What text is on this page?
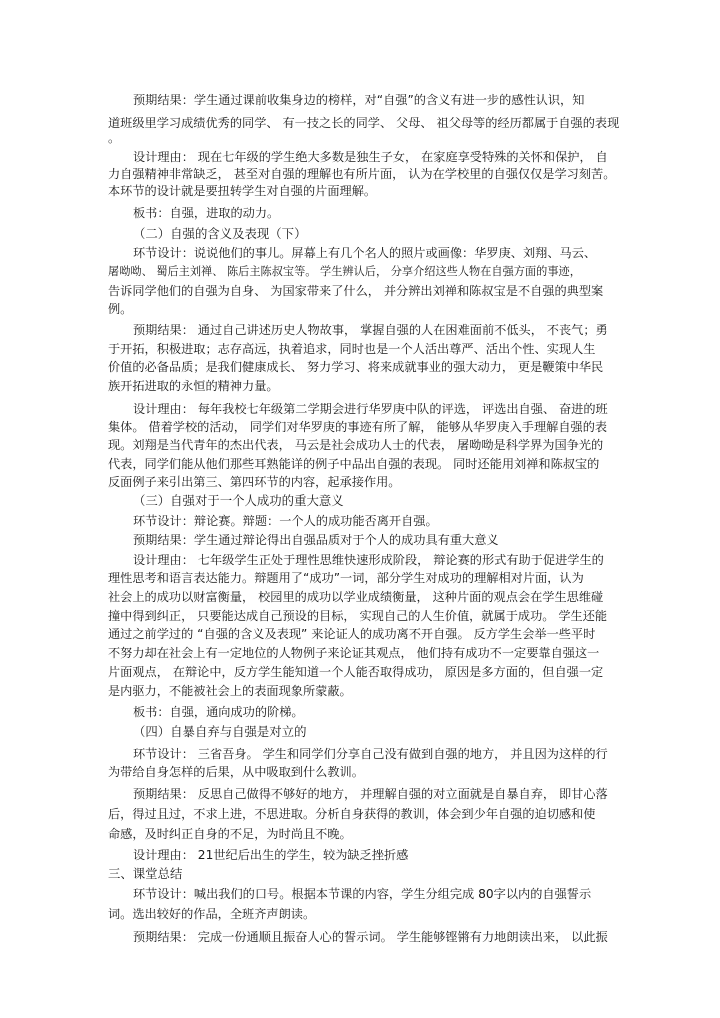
预期结果：学生通过课前收集身边的榜样，对“自强”的含义有进一步的感性认识，知
道班级里学习成绩优秀的同学、 有一技之长的同学、 父母、 祖父母等的经历都属于自强的表现
。
设计理由： 现在七年级的学生绝大多数是独生子女， 在家庭享受特殊的关怀和保护， 自
力自强精神非常缺乏， 甚至对自强的理解也有所片面， 认为在学校里的自强仅仅是学习刻苦。
本环节的设计就是要扭转学生对自强的片面理解。
板书：自强，进取的动力。
（二）自强的含义及表现（下）
环节设计：说说他们的事儿。屏幕上有几个名人的照片或画像：华罗庚、刘翔、马云、
屠呦呦、 蜀后主刘禅、 陈后主陈叔宝等。 学生辨认后， 分享介绍这些人物在自强方面的事迹，
告诉同学他们的自强为自身、 为国家带来了什么， 并分辨出刘禅和陈叔宝是不自强的典型案
例。
预期结果： 通过自己讲述历史人物故事， 掌握自强的人在困难面前不低头， 不丧气；勇
于开拓，积极进取；志存高远，执着追求，同时也是一个人活出尊严、活出个性、实现人生
价值的必备品质；是我们健康成长、 努力学习、将来成就事业的强大动力， 更是鞭策中华民
族开拓进取的永恒的精神力量。
设计理由： 每年我校七年级第二学期会进行华罗庚中队的评选， 评选出自强、 奋进的班
集体。 借着学校的活动， 同学们对华罗庚的事迹有所了解， 能够从华罗庚入手理解自强的表
现。刘翔是当代青年的杰出代表， 马云是社会成功人士的代表， 屠呦呦是科学界为国争光的
代表，同学们能从他们那些耳熟能详的例子中品出自强的表现。 同时还能用刘禅和陈叔宝的
反面例子来引出第三、第四环节的内容，起承接作用。
（三）自强对于一个人成功的重大意义
环节设计：辩论赛。辩题：一个人的成功能否离开自强。
预期结果：学生通过辩论得出自强品质对于个人的成功具有重大意义
设计理由： 七年级学生正处于理性思维快速形成阶段， 辩论赛的形式有助于促进学生的
理性思考和语言表达能力。辩题用了“成功”一词，部分学生对成功的理解相对片面，认为
社会上的成功以财富衡量， 校园里的成功以学业成绩衡量， 这种片面的观点会在学生思维碰
撞中得到纠正， 只要能达成自己预设的目标， 实现自己的人生价值，就属于成功。 学生还能
通过之前学过的 “自强的含义及表现” 来论证人的成功离不开自强。 反方学生会举一些平时
不努力却在社会上有一定地位的人物例子来论证其观点， 他们持有成功不一定要靠自强这一
片面观点， 在辩论中，反方学生能知道一个人能否取得成功， 原因是多方面的，但自强一定
是内驱力，不能被社会上的表面现象所蒙蔽。
板书：自强，通向成功的阶梯。
（四）自暴自弃与自强是对立的
环节设计： 三省吾身。 学生和同学们分享自己没有做到自强的地方， 并且因为这样的行
为带给自身怎样的后果，从中吸取到什么教训。
预期结果： 反思自己做得不够好的地方， 并理解自强的对立面就是自暴自弃， 即甘心落
后，得过且过，不求上进，不思进取。分析自身获得的教训，体会到少年自强的迫切感和使
命感，及时纠正自身的不足，为时尚且不晚。
设计理由： 21世纪后出生的学生，较为缺乏挫折感
三、课堂总结
环节设计：喊出我们的口号。根据本节课的内容，学生分组完成 80字以内的自强誓示
词。选出较好的作品，全班齐声朗读。
预期结果： 完成一份通顺且振奋人心的誓示词。 学生能够铿锵有力地朗读出来， 以此振
